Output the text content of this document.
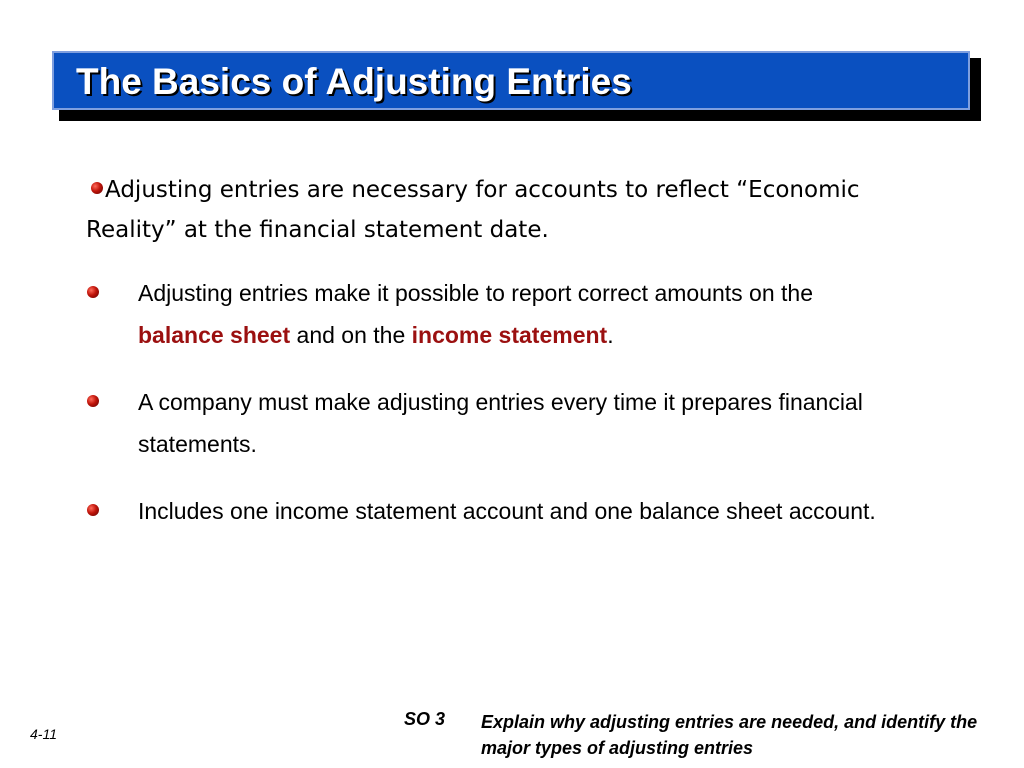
The Basics of Adjusting Entries
Adjusting entries are necessary for accounts to reflect “Economic Reality” at the financial statement date.
Adjusting entries make it possible to report correct amounts on the balance sheet and on the income statement.
A company must make adjusting entries every time it prepares financial statements.
Includes one income statement account and one balance sheet account.
4-11
SO 3 Explain why adjusting entries are needed, and identify the major types of adjusting entries
